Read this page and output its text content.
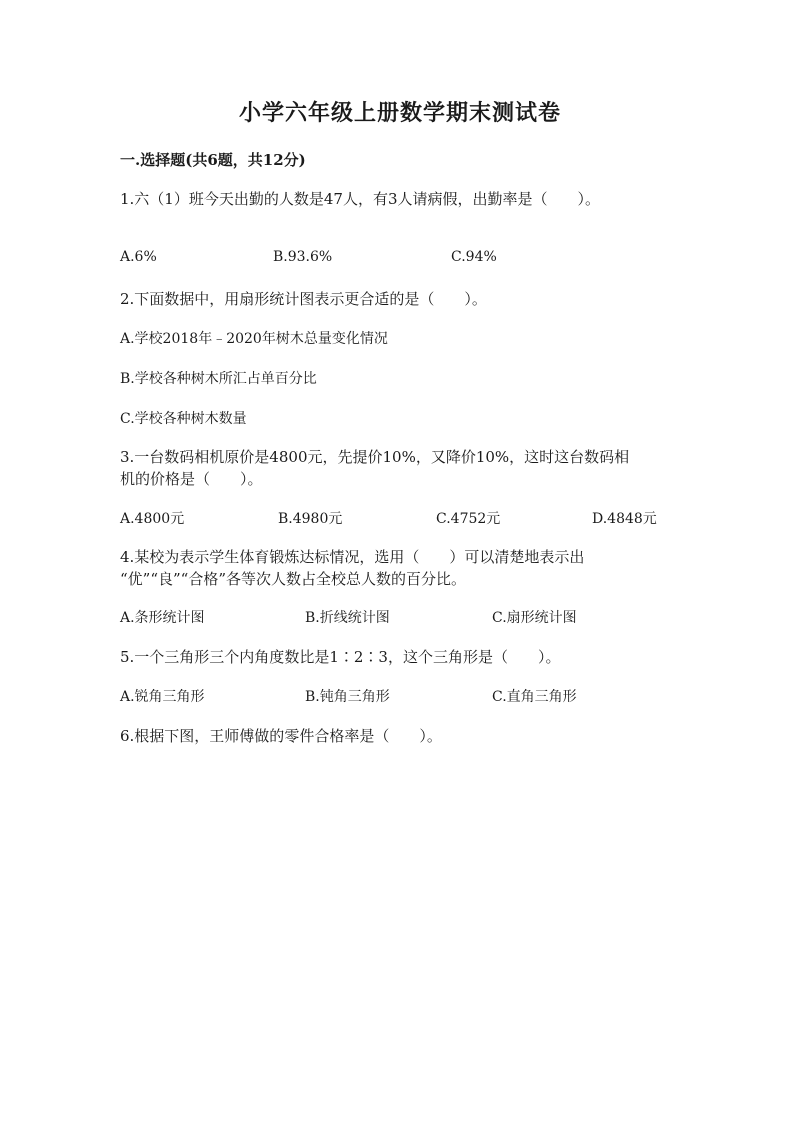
小学六年级上册数学期末测试卷
一.选择题(共6题，共12分)
1.六（1）班今天出勤的人数是47人，有3人请病假，出勤率是（　　）。
A.6%	B.93.6%	C.94%
2.下面数据中，用扇形统计图表示更合适的是（　　）。
A.学校2018年﹣2020年树木总量变化情况
B.学校各种树木所汇占单百分比
C.学校各种树木数量
3.一台数码相机原价是4800元，先提价10%，又降价10%，这时这台数码相
机的价格是（　　）。
A.4800元	B.4980元	C.4752元	D.4848元
4.某校为表示学生体育锻炼达标情况，选用（　　）可以清楚地表示出
“优”“良”“合格”各等次人数占全校总人数的百分比。
A.条形统计图	B.折线统计图	C.扇形统计图
5.一个三角形三个内角度数比是1∶2∶3，这个三角形是（　　）。
A.锐角三角形	B.钝角三角形	C.直角三角形
6.根据下图，王师傅做的零件合格率是（　　）。
